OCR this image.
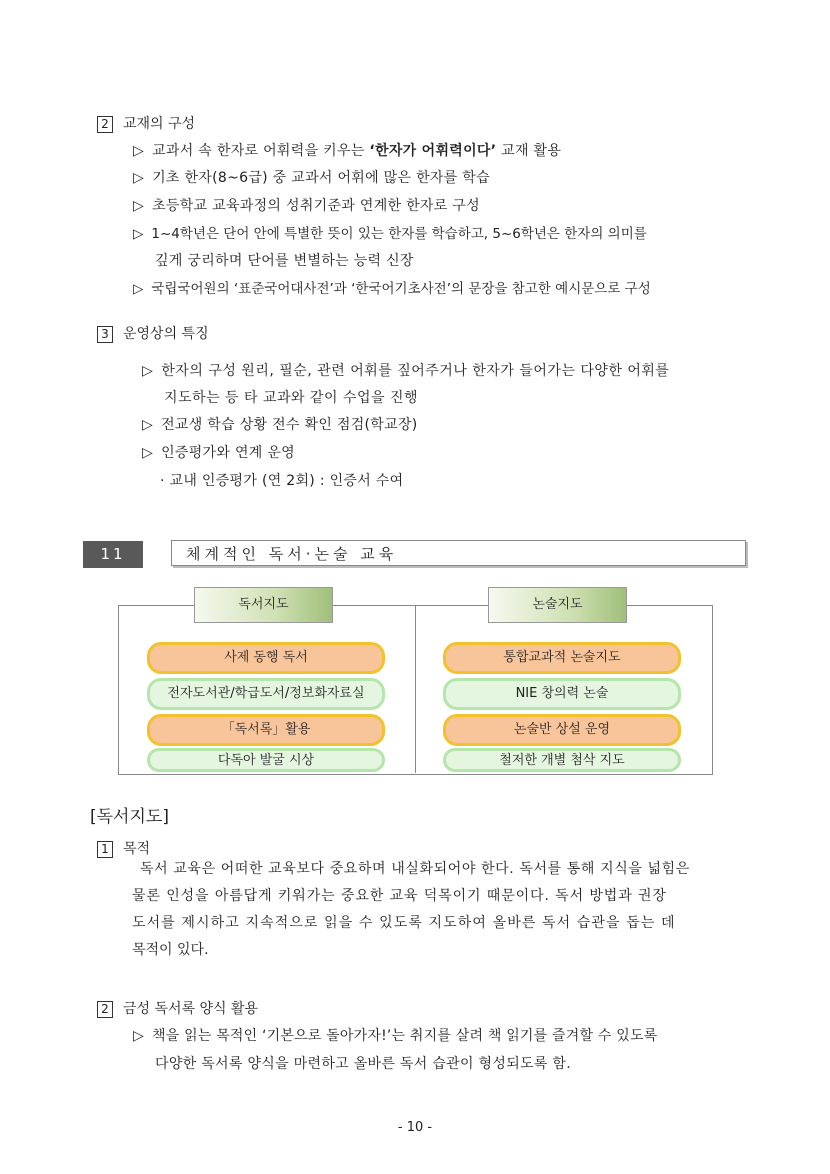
2 교재의 구성
▷ 교과서 속 한자로 어휘력을 키우는 ‘한자가 어휘력이다’ 교재 활용
▷ 기초 한자(8~6급) 중 교과서 어휘에 많은 한자를 학습
▷ 초등학교 교육과정의 성취기준과 연계한 한자로 구성
▷ 1~4학년은 단어 안에 특별한 뜻이 있는 한자를 학습하고, 5~6학년은 한자의 의미를
깊게 궁리하며 단어를 변별하는 능력 신장
▷ 국립국어원의 ‘표준국어대사전’과 ‘한국어기초사전’의 문장을 참고한 예시문으로 구성
3 운영상의 특징
▷ 한자의 구성 원리, 필순, 관련 어휘를 짚어주거나 한자가 들어가는 다양한 어휘를
지도하는 등 타 교과와 같이 수업을 진행
▷ 전교생 학습 상황 전수 확인 점검(학교장)
▷ 인증평가와 연계 운영
· 교내 인증평가 (연 2회) : 인증서 수여
11	체계적인 독서·논술 교육
독서지도	논술지도
사제 동행 독서
전자도서관/학급도서/정보화자료실
「독서록」활용
다독아 발굴 시상
통합교과적 논술지도
NIE 창의력 논술
논술반 상설 운영
철저한 개별 첨삭 지도
[독서지도]
1 목적
독서 교육은 어떠한 교육보다 중요하며 내실화되어야 한다. 독서를 통해 지식을 넓힘은
물론 인성을 아름답게 키워가는 중요한 교육 덕목이기 때문이다. 독서 방법과 권장
도서를 제시하고 지속적으로 읽을 수 있도록 지도하여 올바른 독서 습관을 돕는 데
목적이 있다.
2 금성 독서록 양식 활용
▷ 책을 읽는 목적인 ‘기본으로 돌아가자!’는 취지를 살려 책 읽기를 즐겨할 수 있도록
다양한 독서록 양식을 마련하고 올바른 독서 습관이 형성되도록 함.
- 10 -
